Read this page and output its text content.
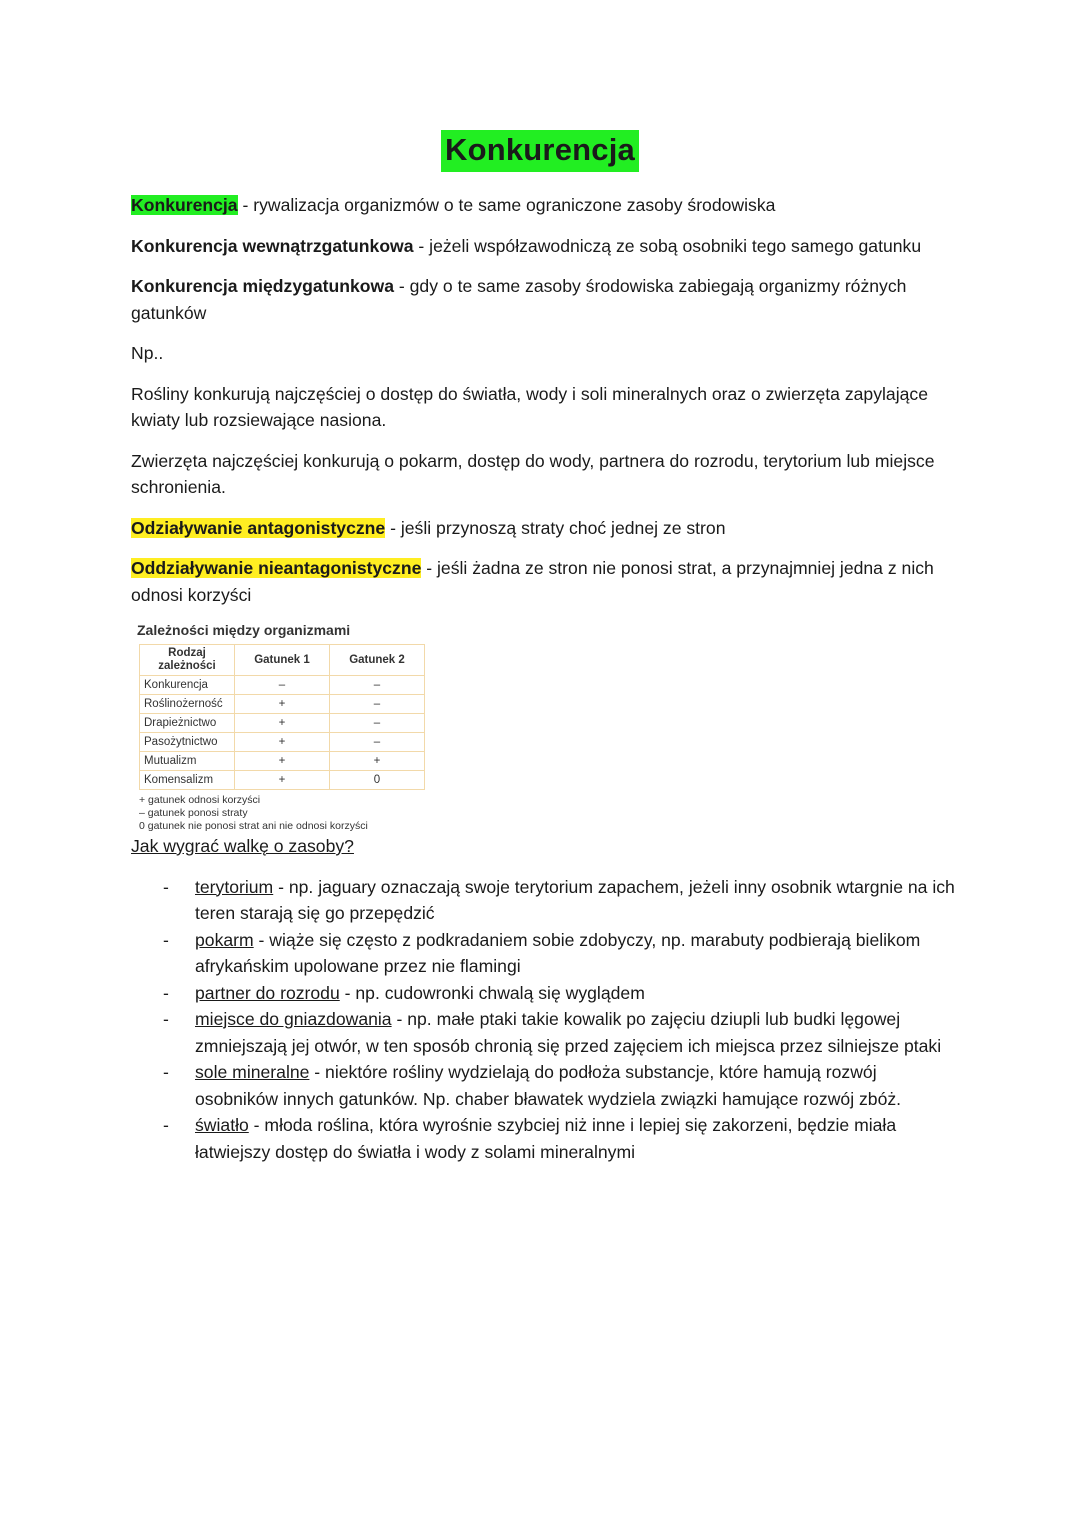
Konkurencja

Konkurencja - rywalizacja organizmów o te same ograniczone zasoby środowiska

Konkurencja wewnątrzgatunkowa - jeżeli współzawodniczą ze sobą osobniki tego samego gatunku

Konkurencja międzygatunkowa - gdy o te same zasoby środowiska zabiegają organizmy różnych gatunków

Np..

Rośliny konkurują najczęściej o dostęp do światła, wody i soli mineralnych oraz o zwierzęta zapylające kwiaty lub rozsiewające nasiona.

Zwierzęta najczęściej konkurują o pokarm, dostęp do wody, partnera do rozrodu, terytorium lub miejsce schronienia.

Odziaływanie antagonistyczne - jeśli przynoszą straty choć jednej ze stron

Oddziaływanie nieantagonistyczne - jeśli żadna ze stron nie ponosi strat, a przynajmniej jedna z nich odnosi korzyści

Zależności między organizmami
Rodzaj zależności	Gatunek 1	Gatunek 2
Konkurencja	–	–
Roślinożerność	+	–
Drapieżnictwo	+	–
Pasożytnictwo	+	–
Mutualizm	+	+
Komensalizm	+	0
+ gatunek odnosi korzyści
– gatunek ponosi straty
0 gatunek nie ponosi strat ani nie odnosi korzyści

Jak wygrać walkę o zasoby?

- terytorium - np. jaguary oznaczają swoje terytorium zapachem, jeżeli inny osobnik wtargnie na ich teren starają się go przepędzić
- pokarm - wiąże się często z podkradaniem sobie zdobyczy, np. marabuty podbierają bielikom afrykańskim upolowane przez nie flamingi
- partner do rozrodu - np. cudowronki chwalą się wyglądem
- miejsce do gniazdowania - np. małe ptaki takie kowalik po zajęciu dziupli lub budki lęgowej zmniejszają jej otwór, w ten sposób chronią się przed zajęciem ich miejsca przez silniejsze ptaki
- sole mineralne - niektóre rośliny wydzielają do podłoża substancje, które hamują rozwój osobników innych gatunków. Np. chaber bławatek wydziela związki hamujące rozwój zbóż.
- światło - młoda roślina, która wyrośnie szybciej niż inne i lepiej się zakorzeni, będzie miała łatwiejszy dostęp do światła i wody z solami mineralnymi
